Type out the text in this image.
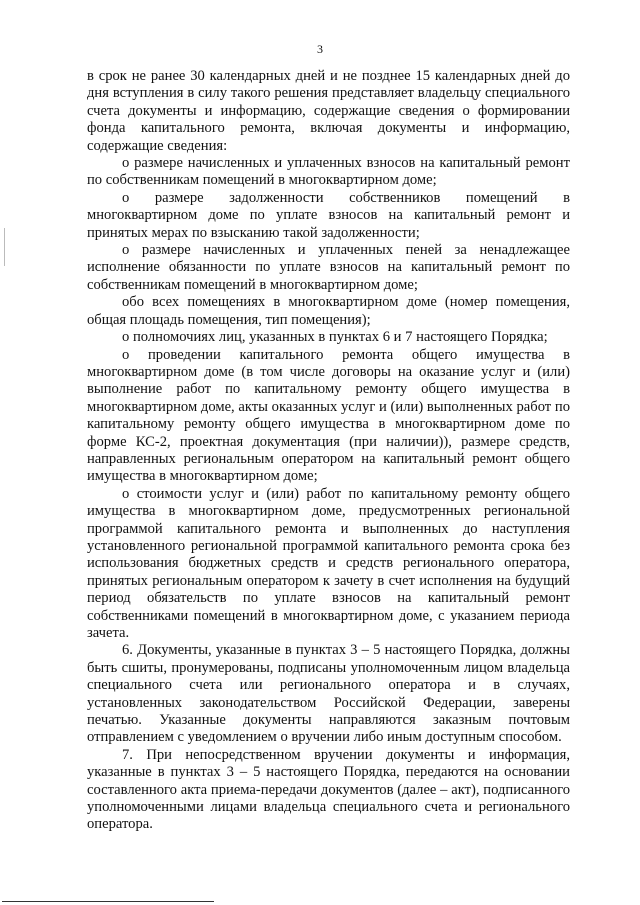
3

в срок не ранее 30 календарных дней и не позднее 15 календарных дней до дня вступления в силу такого решения представляет владельцу специального счета документы и информацию, содержащие сведения о формировании фонда капитального ремонта, включая документы и информацию, содержащие сведения:

о размере начисленных и уплаченных взносов на капитальный ремонт по собственникам помещений в многоквартирном доме;

о размере задолженности собственников помещений в многоквартирном доме по уплате взносов на капитальный ремонт и принятых мерах по взысканию такой задолженности;

о размере начисленных и уплаченных пеней за ненадлежащее исполнение обязанности по уплате взносов на капитальный ремонт по собственникам помещений в многоквартирном доме;

обо всех помещениях в многоквартирном доме (номер помещения, общая площадь помещения, тип помещения);

о полномочиях лиц, указанных в пунктах 6 и 7 настоящего Порядка;

о проведении капитального ремонта общего имущества в многоквартирном доме (в том числе договоры на оказание услуг и (или) выполнение работ по капитальному ремонту общего имущества в многоквартирном доме, акты оказанных услуг и (или) выполненных работ по капитальному ремонту общего имущества в многоквартирном доме по форме КС-2, проектная документация (при наличии)), размере средств, направленных региональным оператором на капитальный ремонт общего имущества в многоквартирном доме;

о стоимости услуг и (или) работ по капитальному ремонту общего имущества в многоквартирном доме, предусмотренных региональной программой капитального ремонта и выполненных до наступления установленного региональной программой капитального ремонта срока без использования бюджетных средств и средств регионального оператора, принятых региональным оператором к зачету в счет исполнения на будущий период обязательств по уплате взносов на капитальный ремонт собственниками помещений в многоквартирном доме, с указанием периода зачета.

6. Документы, указанные в пунктах 3 – 5 настоящего Порядка, должны быть сшиты, пронумерованы, подписаны уполномоченным лицом владельца специального счета или регионального оператора и в случаях, установленных законодательством Российской Федерации, заверены печатью. Указанные документы направляются заказным почтовым отправлением с уведомлением о вручении либо иным доступным способом.

7. При непосредственном вручении документы и информация, указанные в пунктах 3 – 5 настоящего Порядка, передаются на основании составленного акта приема-передачи документов (далее – акт), подписанного уполномоченными лицами владельца специального счета и регионального оператора.
